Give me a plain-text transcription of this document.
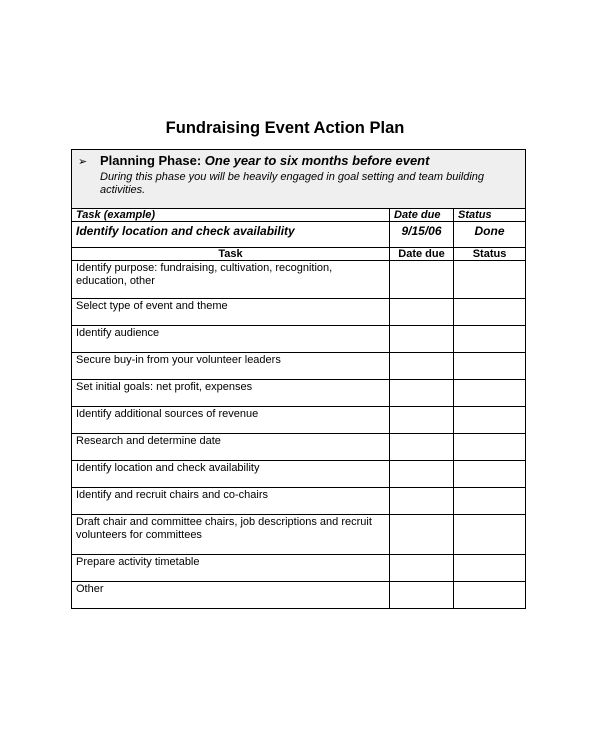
Fundraising Event Action Plan
➢ Planning Phase: One year to six months before event
During this phase you will be heavily engaged in goal setting and team building activities.		

Task (example)	Date due	Status
Identify location and check availability	9/15/06	Done
Task	Date due	Status
Identify purpose: fundraising, cultivation, recognition, education, other		
Select type of event and theme		
Identify audience		
Secure buy-in from your volunteer leaders		
Set initial goals: net profit, expenses		
Identify additional sources of revenue		
Research and determine date		
Identify location and check availability		
Identify and recruit chairs and co-chairs		
Draft chair and committee chairs, job descriptions and recruit volunteers for committees		
Prepare activity timetable		
Other		
